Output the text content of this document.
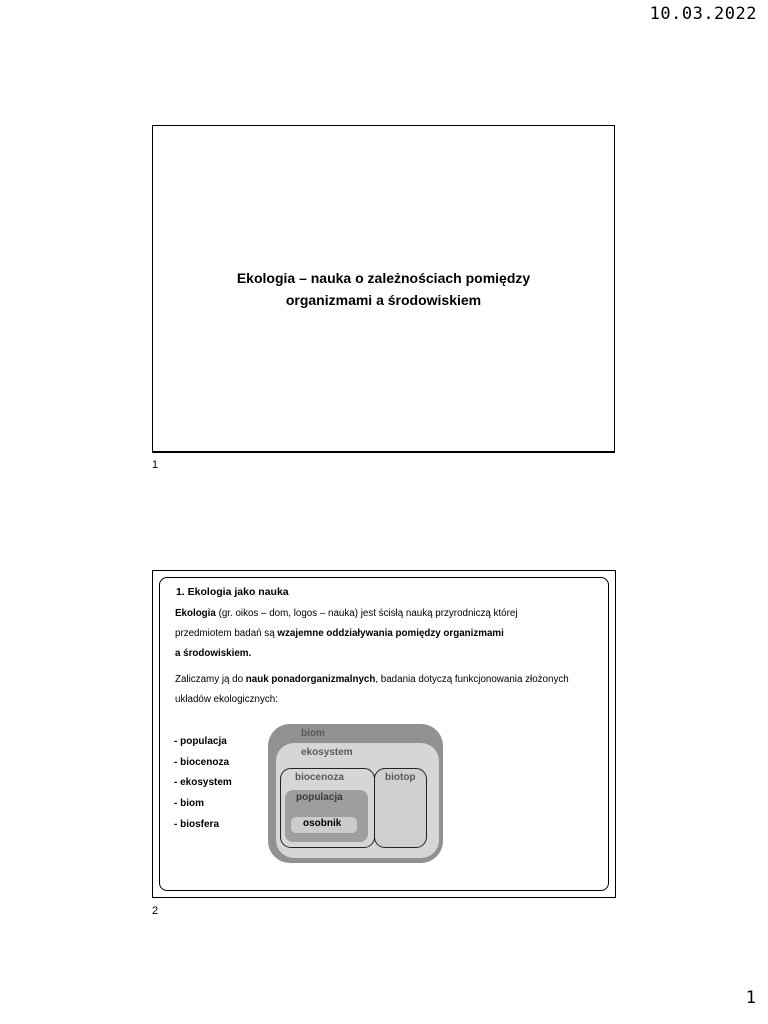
10.03.2022
Ekologia – nauka o zależnościach pomiędzy
organizmami a środowiskiem
1
1. Ekologia jako nauka
Ekologia (gr. oikos – dom, logos – nauka) jest ścisłą nauką przyrodniczą której
przedmiotem badań są wzajemne oddziaływania pomiędzy organizmami
a środowiskiem.
Zaliczamy ją do nauk ponadorganizmalnych, badania dotyczą funkcjonowania złożonych
układów ekologicznych:
- populacja
- biocenoza
- ekosystem
- biom
- biosfera
biom
ekosystem
biocenoza
populacja
osobnik
biotop
2
1
